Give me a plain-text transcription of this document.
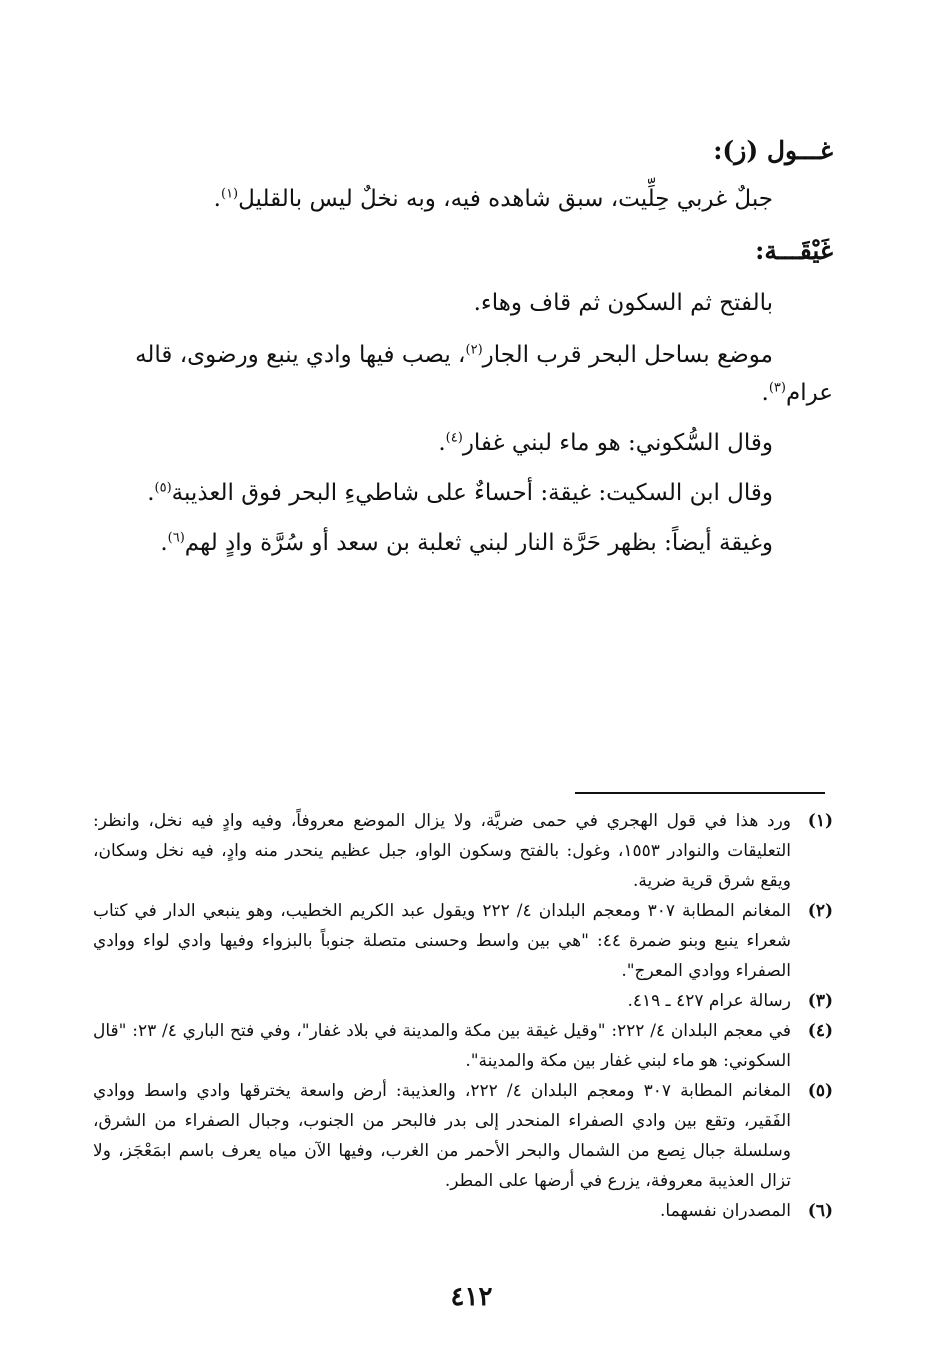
غـــول (ز):
جبلٌ غربي حِلِّيت، سبق شاهده فيه، وبه نخلٌ ليس بالقليل$^{(١)}$.
غَيْقَـــة:
بالفتح ثم السكون ثم قاف وهاء.
موضع بساحل البحر قرب الجار$^{(٢)}$، يصب فيها وادي ينبع ورضوى، قاله
عرام$^{(٣)}$.
وقال السُّكوني: هو ماء لبني غفار$^{(٤)}$.
وقال ابن السكيت: غيقة: أحساءٌ على شاطيءِ البحر فوق العذيبة$^{(٥)}$.
وغيقة أيضاً: بظهر حَرَّة النار لبني ثعلبة بن سعد أو سُرَّة وادٍ لهم$^{(٦)}$.
(١)
ورد هذا في قول الهجري في حمى ضريَّة، ولا يزال الموضع معروفاً، وفيه وادٍ فيه نخل، وانظر: التعليقات والنوادر ١٥٥٣، وغول: بالفتح وسكون الواو، جبل عظيم ينحدر منه وادٍ، فيه نخل وسكان، ويقع شرق قرية ضرية.
(٢)
المغانم المطابة ٣٠٧ ومعجم البلدان ٤/ ٢٢٢ ويقول عبد الكريم الخطيب، وهو ينبعي الدار في كتاب شعراء ينبع وبنو ضمرة ٤٤: "هي بين واسط وحسنى متصلة جنوباً بالبزواء وفيها وادي لواء ووادي الصفراء ووادي المعرج".
(٣)
رسالة عرام ٤٢٧ ـ ٤١٩.
(٤)
في معجم البلدان ٤/ ٢٢٢: "وقيل غيقة بين مكة والمدينة في بلاد غفار"، وفي فتح الباري ٤/ ٢٣: "قال السكوني: هو ماء لبني غفار بين مكة والمدينة".
(٥)
المغانم المطابة ٣٠٧ ومعجم البلدان ٤/ ٢٢٢، والعذيبة: أرض واسعة يخترقها وادي واسط ووادي الفَقير، وتقع بين وادي الصفراء المنحدر إلى بدر فالبحر من الجنوب، وجبال الصفراء من الشرق، وسلسلة جبال نِصع من الشمال والبحر الأحمر من الغرب، وفيها الآن مياه يعرف باسم ابمَعْجَز، ولا تزال العذيبة معروفة، يزرع في أرضها على المطر.
(٦)
المصدران نفسهما.
٤١٢
